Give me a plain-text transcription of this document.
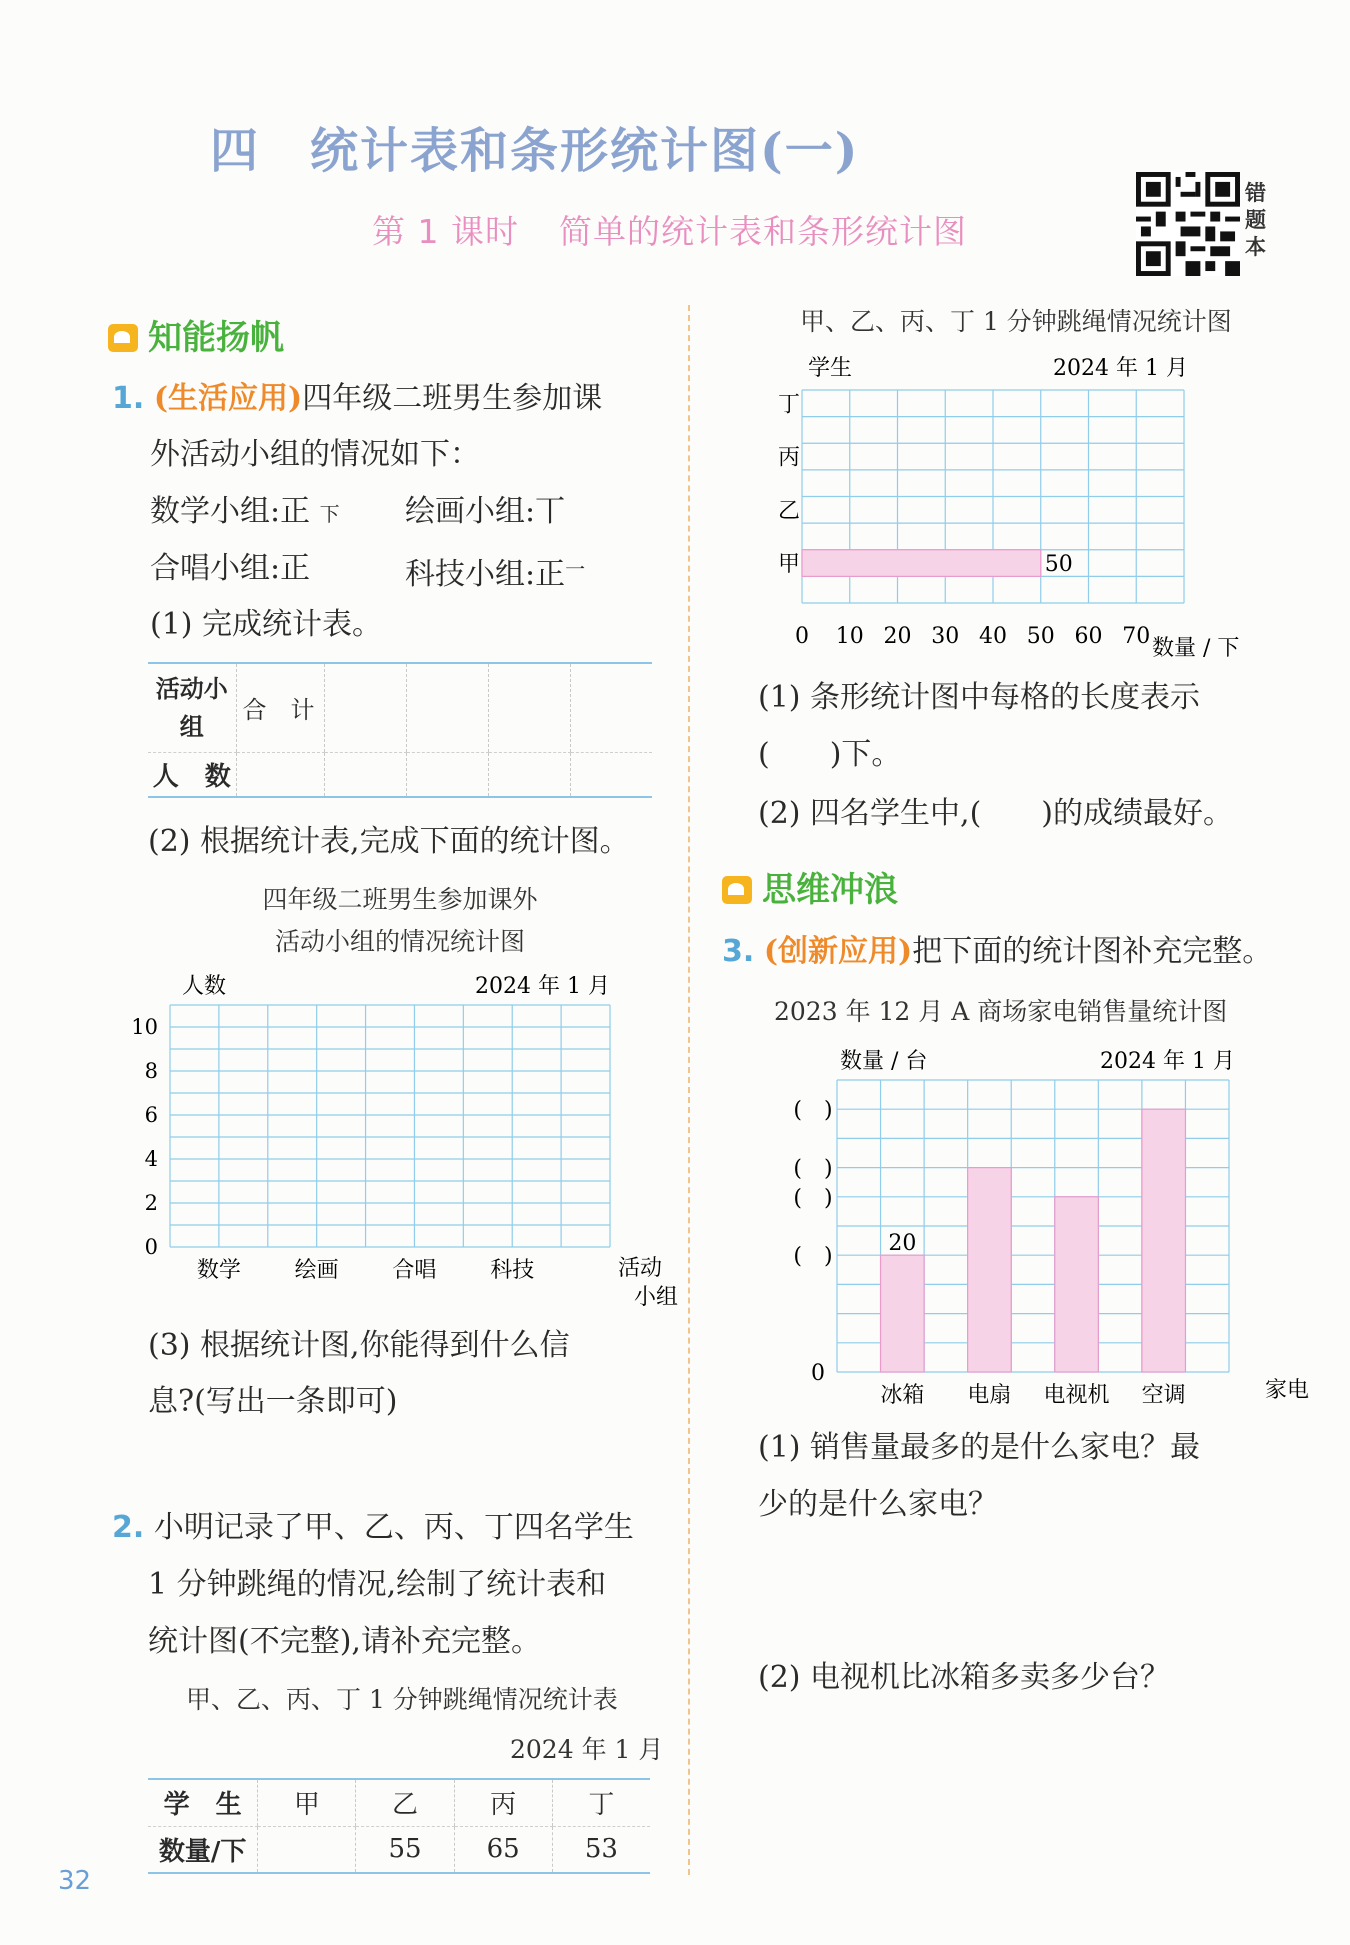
四 统计表和条形统计图(一)
第 1 课时 简单的统计表和条形统计图
错
题
本
知能扬帆
1. (生活应用)四年级二班男生参加课
外活动小组的情况如下：
数学小组:正 下 绘画小组:丅
合唱小组:正	科技小组:正$^一$
(1) 完成统计表。
活动小组	合　计				
人　数					
(2) 根据统计表,完成下面的统计图。
四年级二班男生参加课外
活动小组的情况统计图
人数	2024 年 1 月
0
2
4
6
8
10
数学 绘画 合唱 科技	活动
小组
(3) 根据统计图,你能得到什么信
息?(写出一条即可)
2. 小明记录了甲、乙、丙、丁四名学生
1 分钟跳绳的情况,绘制了统计表和
统计图(不完整),请补充完整。
甲、乙、丙、丁 1 分钟跳绳情况统计表
2024 年 1 月
学　生	甲	乙	丙	丁
数量/下		55	65	53
32
甲、乙、丙、丁 1 分钟跳绳情况统计图
学生	2024 年 1 月
50
甲
乙
丙
丁
0 10 20 30 40 50 60 70 数量 / 下
(1) 条形统计图中每格的长度表示
(　　)下。
(2) 四名学生中,(　　)的成绩最好。
思维冲浪
3. (创新应用)把下面的统计图补充完整。
2023 年 12 月 A 商场家电销售量统计图
数量 / 台	2024 年 1 月
20
(　)
(　)
(　)
(　)
0
冰箱 电扇 电视机 空调	家电
(1) 销售量最多的是什么家电？最
少的是什么家电？
(2) 电视机比冰箱多卖多少台？
